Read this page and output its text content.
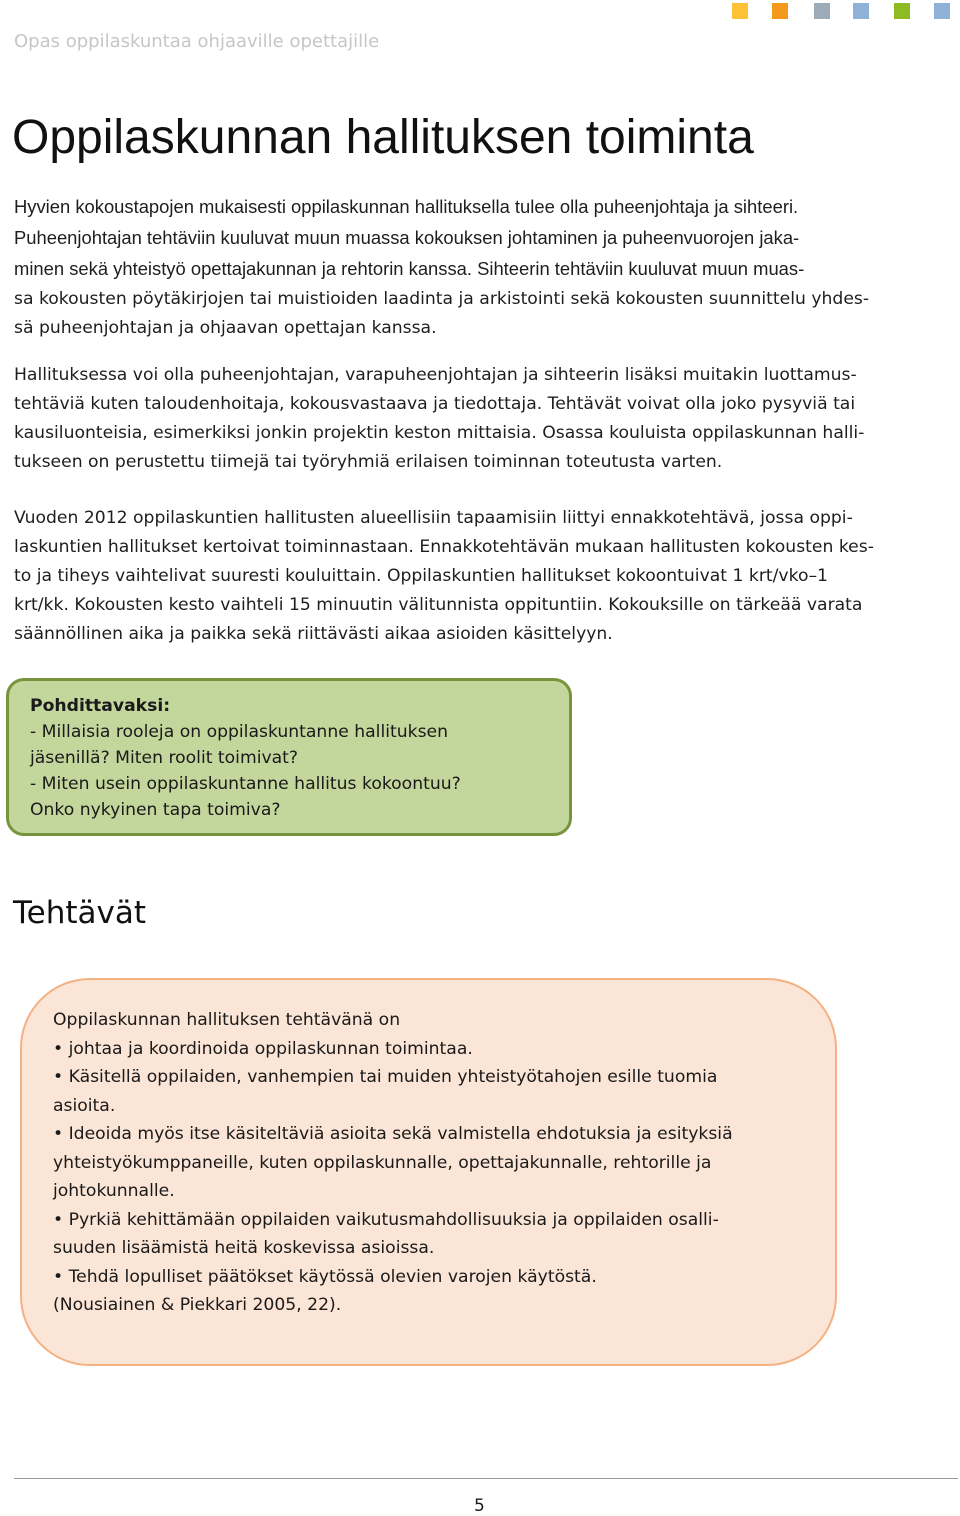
Opas oppilaskuntaa ohjaaville opettajille
Oppilaskunnan hallituksen toiminta

Hyvien kokoustapojen mukaisesti oppilaskunnan hallituksella tulee olla puheenjohtaja ja sihteeri.
Puheenjohtajan tehtäviin kuuluvat muun muassa kokouksen johtaminen ja puheenvuorojen jaka-
minen sekä yhteistyö opettajakunnan ja rehtorin kanssa. Sihteerin tehtäviin kuuluvat muun muas-
sa kokousten pöytäkirjojen tai muistioiden laadinta ja arkistointi sekä kokousten suunnittelu yhdes-
sä puheenjohtajan ja ohjaavan opettajan kanssa.

Hallituksessa voi olla puheenjohtajan, varapuheenjohtajan ja sihteerin lisäksi muitakin luottamus-
tehtäviä kuten taloudenhoitaja, kokousvastaava ja tiedottaja. Tehtävät voivat olla joko pysyviä tai
kausiluonteisia, esimerkiksi jonkin projektin keston mittaisia. Osassa kouluista oppilaskunnan halli-
tukseen on perustettu tiimejä tai työryhmiä erilaisen toiminnan toteutusta varten.

Vuoden 2012 oppilaskuntien hallitusten alueellisiin tapaamisiin liittyi ennakkotehtävä, jossa oppi-
laskuntien hallitukset kertoivat toiminnastaan. Ennakkotehtävän mukaan hallitusten kokousten kes-
to ja tiheys vaihtelivat suuresti kouluittain. Oppilaskuntien hallitukset kokoontuivat 1 krt/vko–1
krt/kk. Kokousten kesto vaihteli 15 minuutin välitunnista oppituntiin. Kokouksille on tärkeää varata
säännöllinen aika ja paikka sekä riittävästi aikaa asioiden käsittelyyn.

Pohdittavaksi:
- Millaisia rooleja on oppilaskuntanne hallituksen
jäsenillä? Miten roolit toimivat?
- Miten usein oppilaskuntanne hallitus kokoontuu?
Onko nykyinen tapa toimiva?
Tehtävät
Oppilaskunnan hallituksen tehtävänä on
• johtaa ja koordinoida oppilaskunnan toimintaa.
• Käsitellä oppilaiden, vanhempien tai muiden yhteistyötahojen esille tuomia
asioita.
• Ideoida myös itse käsiteltäviä asioita sekä valmistella ehdotuksia ja esityksiä
yhteistyökumppaneille, kuten oppilaskunnalle, opettajakunnalle, rehtorille ja
johtokunnalle.
• Pyrkiä kehittämään oppilaiden vaikutusmahdollisuuksia ja oppilaiden osalli-
suuden lisäämistä heitä koskevissa asioissa.
• Tehdä lopulliset päätökset käytössä olevien varojen käytöstä.
(Nousiainen & Piekkari 2005, 22).
5
